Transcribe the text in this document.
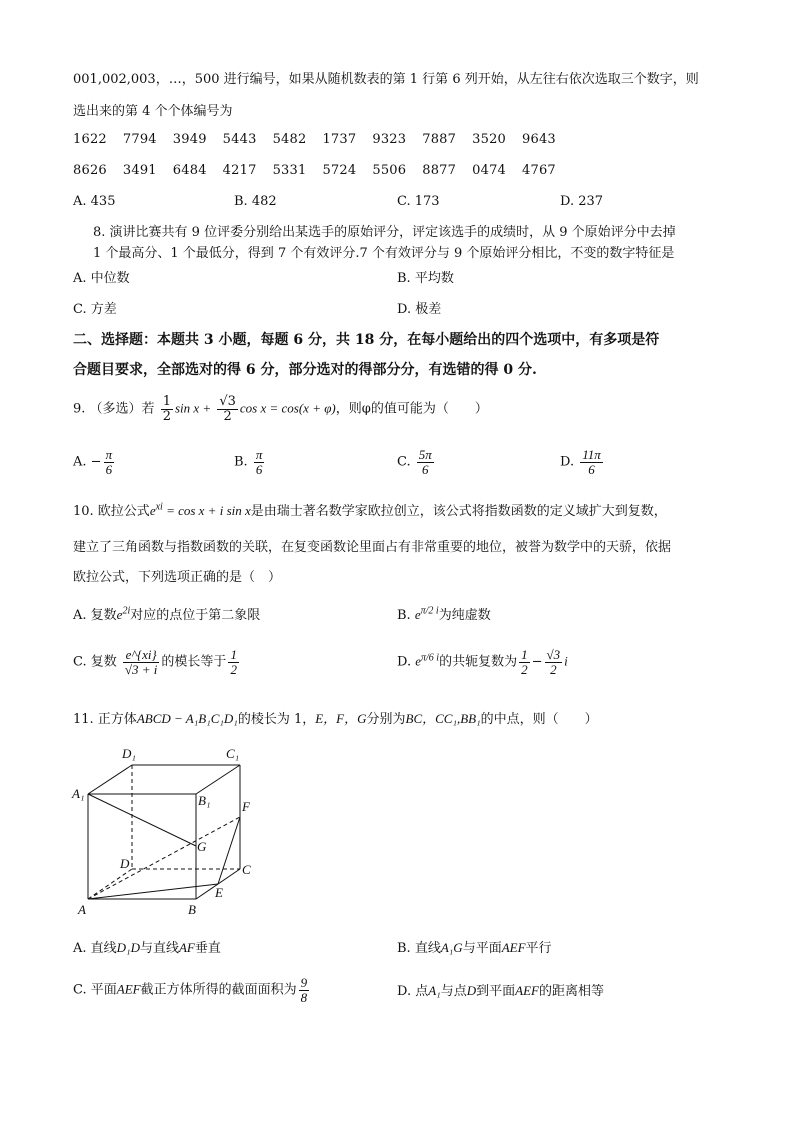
001,002,003，…，500 进行编号，如果从随机数表的第 1 行第 6 列开始，从左往右依次选取三个数字，则
选出来的第 4 个个体编号为
1622 7794 3949 5443 5482 1737 9323 7887 3520 9643
8626 3491 6484 4217 5331 5724 5506 8877 0474 4767
A. 435	B. 482	C. 173	D. 237
8. 演讲比赛共有 9 位评委分别给出某选手的原始评分，评定该选手的成绩时，从 9 个原始评分中去掉
1 个最高分、1 个最低分，得到 7 个有效评分.7 个有效评分与 9 个原始评分相比，不变的数字特征是
A. 中位数	B. 平均数
C. 方差	D. 极差
二、选择题：本题共 3 小题，每题 6 分，共 18 分，在每小题给出的四个选项中，有多项是符
合题目要求，全部选对的得 6 分，部分选对的得部分分，有选错的得 0 分.
9. （多选）若 $\frac{1}{2}$ $\sin x + \frac{√3}{2}$ cos x = cos(x + φ)，则φ的值可能为（　　）
A. − $\frac{\pi}{6}$	B. $\frac{\pi}{6}$	C. $\frac{5\pi}{6}$	D. $\frac{11\pi}{6}$
10. 欧拉公式$e^{xi} = \cos x + i$ sin x是由瑞士著名数学家欧拉创立，该公式将指数函数的定义域扩大到复数，
建立了三角函数与指数函数的关联，在复变函数论里面占有非常重要的地位，被誉为数学中的天骄，依据
欧拉公式，下列选项正确的是（　）
A. 复数$e^{2i}$对应的点位于第二象限	B. $e^{\pi/2 i}$为纯虚数
C. 复数 $\frac{e\^{}\{xi\}}{√3 + i}$ 的模长等于 $\frac{1}{2}$	D. $e^{\pi/6 i}$的共轭复数为 $\frac{1}{2} - \frac{√3}{2}$ i
11. 正方体ABCD − A₁B₁C₁D₁的棱长为 1，E，F，G分别为BC，CC₁,BB₁的中点，则（　　）
A₁	B₁
C₁
D₁
A	B
C
D
E
F
G
A. 直线D₁D与直线AF垂直	B. 直线A₁G与平面AEF平行
C. 平面AEF截正方体所得的截面面积为 $\frac{9}{8}$	D. 点A₁与点D到平面AEF的距离相等
